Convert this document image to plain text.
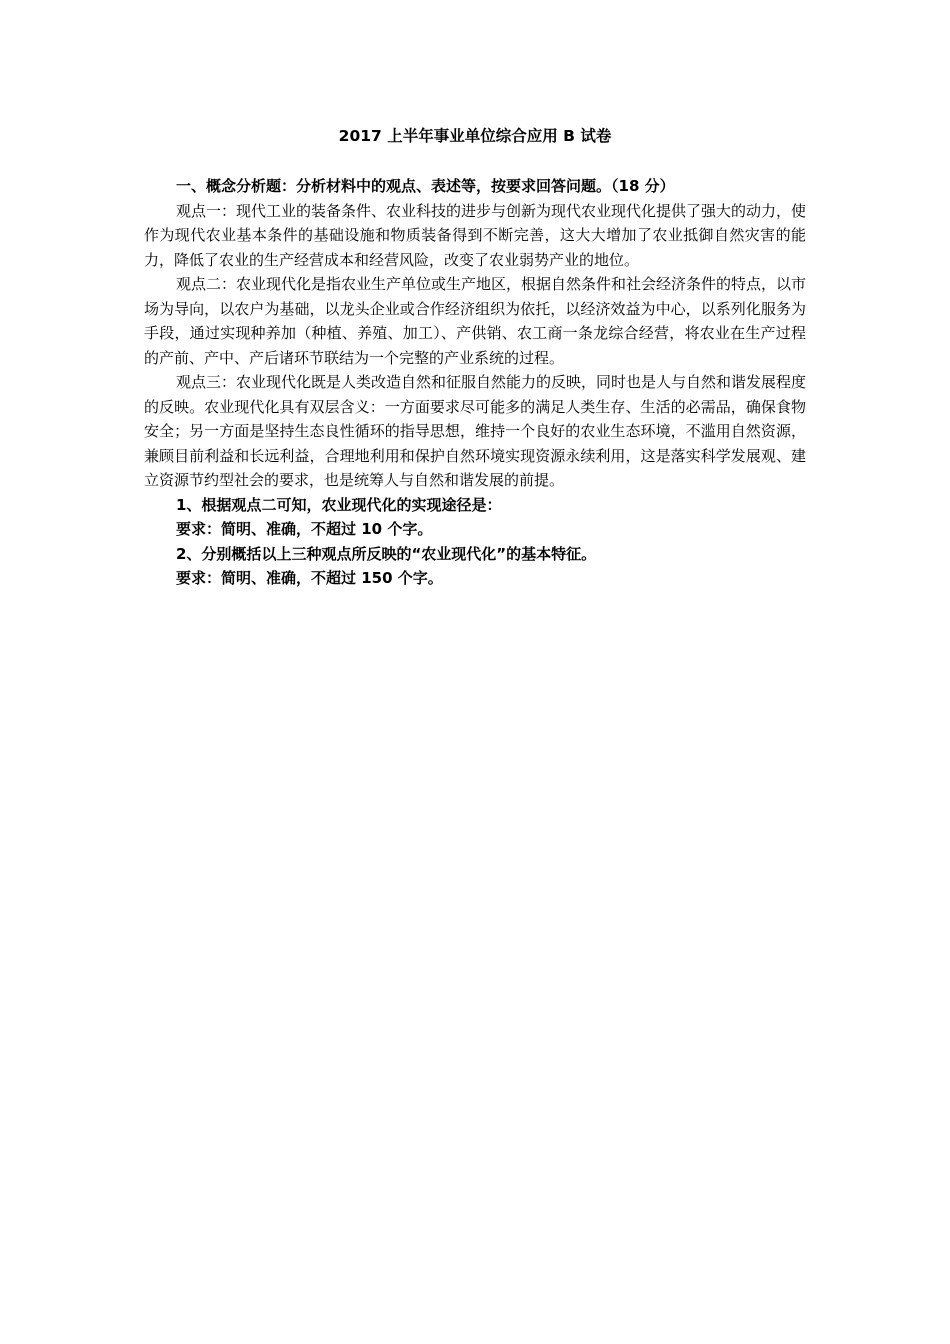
2017 上半年事业单位综合应用 B 试卷

一、概念分析题：分析材料中的观点、表述等，按要求回答问题。（18 分）

观点一：现代工业的装备条件、农业科技的进步与创新为现代农业现代化提供了强大的动力，使作为现代农业基本条件的基础设施和物质装备得到不断完善，这大大增加了农业抵御自然灾害的能力，降低了农业的生产经营成本和经营风险，改变了农业弱势产业的地位。

观点二：农业现代化是指农业生产单位或生产地区，根据自然条件和社会经济条件的特点，以市场为导向，以农户为基础，以龙头企业或合作经济组织为依托，以经济效益为中心，以系列化服务为手段，通过实现种养加（种植、养殖、加工）、产供销、农工商一条龙综合经营，将农业在生产过程的产前、产中、产后诸环节联结为一个完整的产业系统的过程。

观点三：农业现代化既是人类改造自然和征服自然能力的反映，同时也是人与自然和谐发展程度的反映。农业现代化具有双层含义：一方面要求尽可能多的满足人类生存、生活的必需品，确保食物安全；另一方面是坚持生态良性循环的指导思想，维持一个良好的农业生态环境，不滥用自然资源，兼顾目前利益和长远利益，合理地利用和保护自然环境实现资源永续利用，这是落实科学发展观、建立资源节约型社会的要求，也是统筹人与自然和谐发展的前提。

1、根据观点二可知，农业现代化的实现途径是：

要求：简明、准确，不超过 10 个字。

2、分别概括以上三种观点所反映的“农业现代化”的基本特征。

要求：简明、准确，不超过 150 个字。
